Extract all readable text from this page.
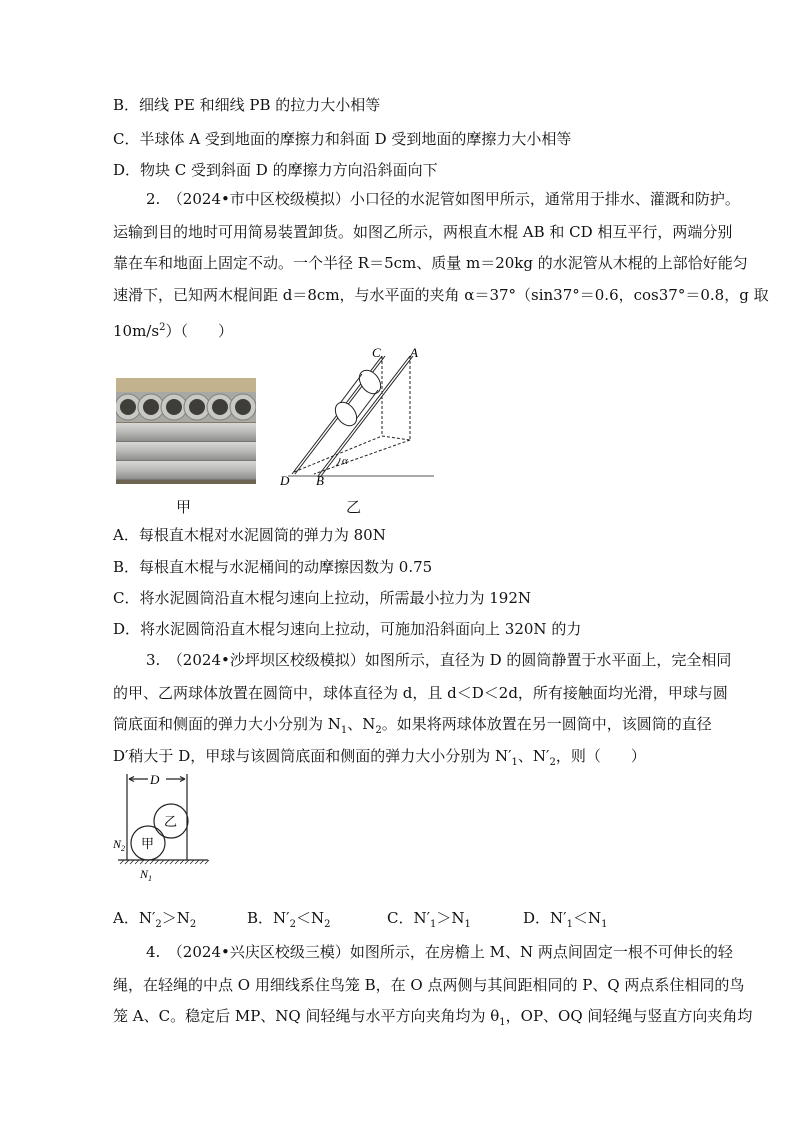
B．细线 PE 和细线 PB 的拉力大小相等
C．半球体 A 受到地面的摩擦力和斜面 D 受到地面的摩擦力大小相等
D．物块 C 受到斜面 D 的摩擦力方向沿斜面向下
2.　（2024•市中区校级模拟）小口径的水泥管如图甲所示，通常用于排水、灌溉和防护。
运输到目的地时可用简易装置卸货。如图乙所示，两根直木棍 AB 和 CD 相互平行，两端分别
靠在车和地面上固定不动。一个半径 R＝5cm、质量 m＝20kg 的水泥管从木棍的上部恰好能匀
速滑下，已知两木棍间距 d＝8cm，与水平面的夹角 α＝37°（sin37°＝0.6，cos37°＝0.8，g 取
$10m/s^2$）（　　）
甲
C A
D B
α
乙
A．每根直木棍对水泥圆筒的弹力为 80N
B．每根直木棍与水泥桶间的动摩擦因数为 0.75
C．将水泥圆筒沿直木棍匀速向上拉动，所需最小拉力为 192N
D．将水泥圆筒沿直木棍匀速向上拉动，可施加沿斜面向上 320N 的力
3.　（2024•沙坪坝区校级模拟）如图所示，直径为 D 的圆筒静置于水平面上，完全相同
的甲、乙两球体放置在圆筒中，球体直径为 d，且 d＜D＜2d，所有接触面均光滑，甲球与圆
筒底面和侧面的弹力大小分别为 $N_1$、$N_2$。如果将两球体放置在另一圆筒中，该圆筒的直径
D′稍大于 D，甲球与该圆筒底面和侧面的弹力大小分别为 $N'_1$、$N'_2$，则（　　）
D
乙
甲
$N_2$
$N_1$
A．$N'_2>N_2$	B．$N'_2<N_2$	C．$N'_1>N_1$	D．$N'_1<N_1$
4.　（2024•兴庆区校级三模）如图所示，在房檐上 M、N 两点间固定一根不可伸长的轻
绳，在轻绳的中点 O 用细线系住鸟笼 B，在 O 点两侧与其间距相同的 P、Q 两点系住相同的鸟
笼 A、C。稳定后 MP、NQ 间轻绳与水平方向夹角均为 $\theta_1$，OP、OQ 间轻绳与竖直方向夹角均
